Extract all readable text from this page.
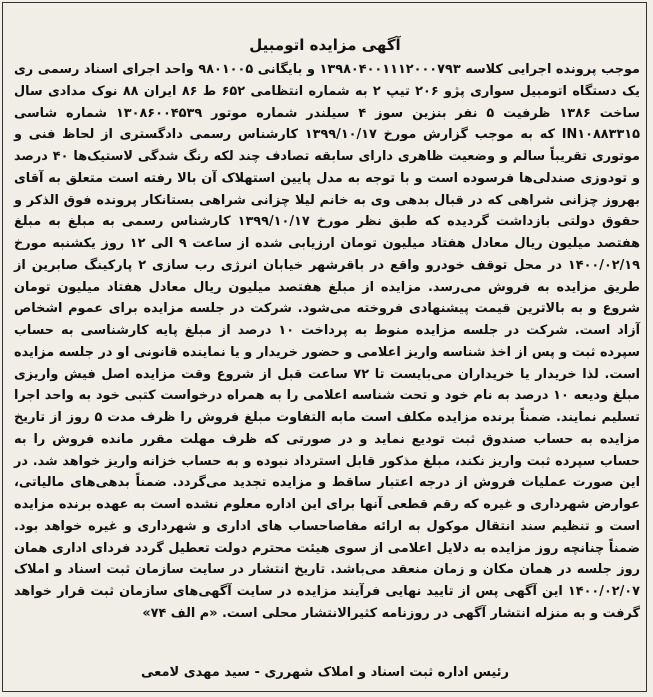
آگهی مزایده اتومبیل
موجب پرونده اجرایی کلاسه ۱۳۹۸۰۴۰۰۱۱۱۲۰۰۰۷۹۳ و بایگانی ۹۸۰۱۰۰۵ واحد اجرای اسناد رسمی ری یک دستگاه اتومبیل سواری پژو ۲۰۶ تیپ ۲ به شماره انتظامی ۶۵۲ ط ۸۶ ایران ۸۸ نوک مدادی سال ساخت ۱۳۸۶ ظرفیت ۵ نفر بنزین سوز ۴ سیلندر شماره موتور ۱۳۰۸۶۰۰۴۵۳۹ شماره شاسی IN۱۰۸۸۳۳۱۵ که به موجب گزارش مورخ ۱۳۹۹/۱۰/۱۷ کارشناس رسمی دادگستری از لحاظ فنی و موتوری تقریباً سالم و وضعیت ظاهری دارای سابقه تصادف چند لکه رنگ شدگی لاستیک‌ها ۴۰ درصد و تودوزی صندلی‌ها فرسوده است و با توجه به مدل پایین استهلاک آن بالا رفته است متعلق به آقای بهروز چزانی شراهی که در قبال بدهی وی به خانم لیلا چزانی شراهی بستانکار پرونده فوق الذکر و حقوق دولتی بازداشت گردیده که طبق نظر مورخ ۱۳۹۹/۱۰/۱۷ کارشناس رسمی به مبلغ به مبلغ هفتصد میلیون ریال معادل هفتاد میلیون تومان ارزیابی شده از ساعت ۹ الی ۱۲ روز یکشنبه مورخ ۱۴۰۰/۰۲/۱۹ در محل توقف خودرو واقع در باقرشهر خیابان انرژی رب سازی ۲ پارکینگ صابرین از طریق مزایده به فروش می‌رسد. مزایده از مبلغ هفتصد میلیون ریال معادل هفتاد میلیون تومان شروع و به بالاترین قیمت پیشنهادی فروخته می‌شود. شرکت در جلسه مزایده برای عموم اشخاص آزاد است. شرکت در جلسه مزایده منوط به پرداخت ۱۰ درصد از مبلغ پایه کارشناسی به حساب سپرده ثبت و پس از اخذ شناسه واریز اعلامی و حضور خریدار و یا نماینده قانونی او در جلسه مزایده است. لذا خریدار یا خریداران می‌بایست تا ۷۲ ساعت قبل از شروع وقت مزایده اصل فیش واریزی مبلغ ودیعه ۱۰ درصد به نام خود و تحت شناسه اعلامی را به همراه درخواست کتبی خود به واحد اجرا تسلیم نمایند. ضمناً برنده مزایده مکلف است مابه التفاوت مبلغ فروش را ظرف مدت ۵ روز از تاریخ مزایده به حساب صندوق ثبت تودیع نماید و در صورتی که ظرف مهلت مقرر مانده فروش را به حساب سپرده ثبت واریز نکند، مبلغ مذکور قابل استرداد نبوده و به حساب خزانه واریز خواهد شد. در این صورت عملیات فروش از درجه اعتبار ساقط و مزایده تجدید می‌گردد. ضمناً بدهی‌های مالیاتی، عوارض شهرداری و غیره که رقم قطعی آنها برای این اداره معلوم نشده است به عهده برنده مزایده است و تنظیم سند انتقال موکول به ارائه مفاصاحساب های اداری و شهرداری و غیره خواهد بود. ضمناً چنانچه روز مزایده به دلایل اعلامی از سوی هیئت محترم دولت تعطیل گردد فردای اداری همان روز جلسه در همان مکان و زمان منعقد می‌باشد. تاریخ انتشار در سایت سازمان ثبت اسناد و املاک ۱۴۰۰/۰۲/۰۷ این آگهی پس از تایید نهایی فرآیند مزایده در سایت آگهی‌های سازمان ثبت قرار خواهد گرفت و به منزله انتشار آگهی در روزنامه کثیرالانتشار محلی است. «م الف ۷۴»
رئیس اداره ثبت اسناد و املاک شهرری - سید مهدی لامعی
